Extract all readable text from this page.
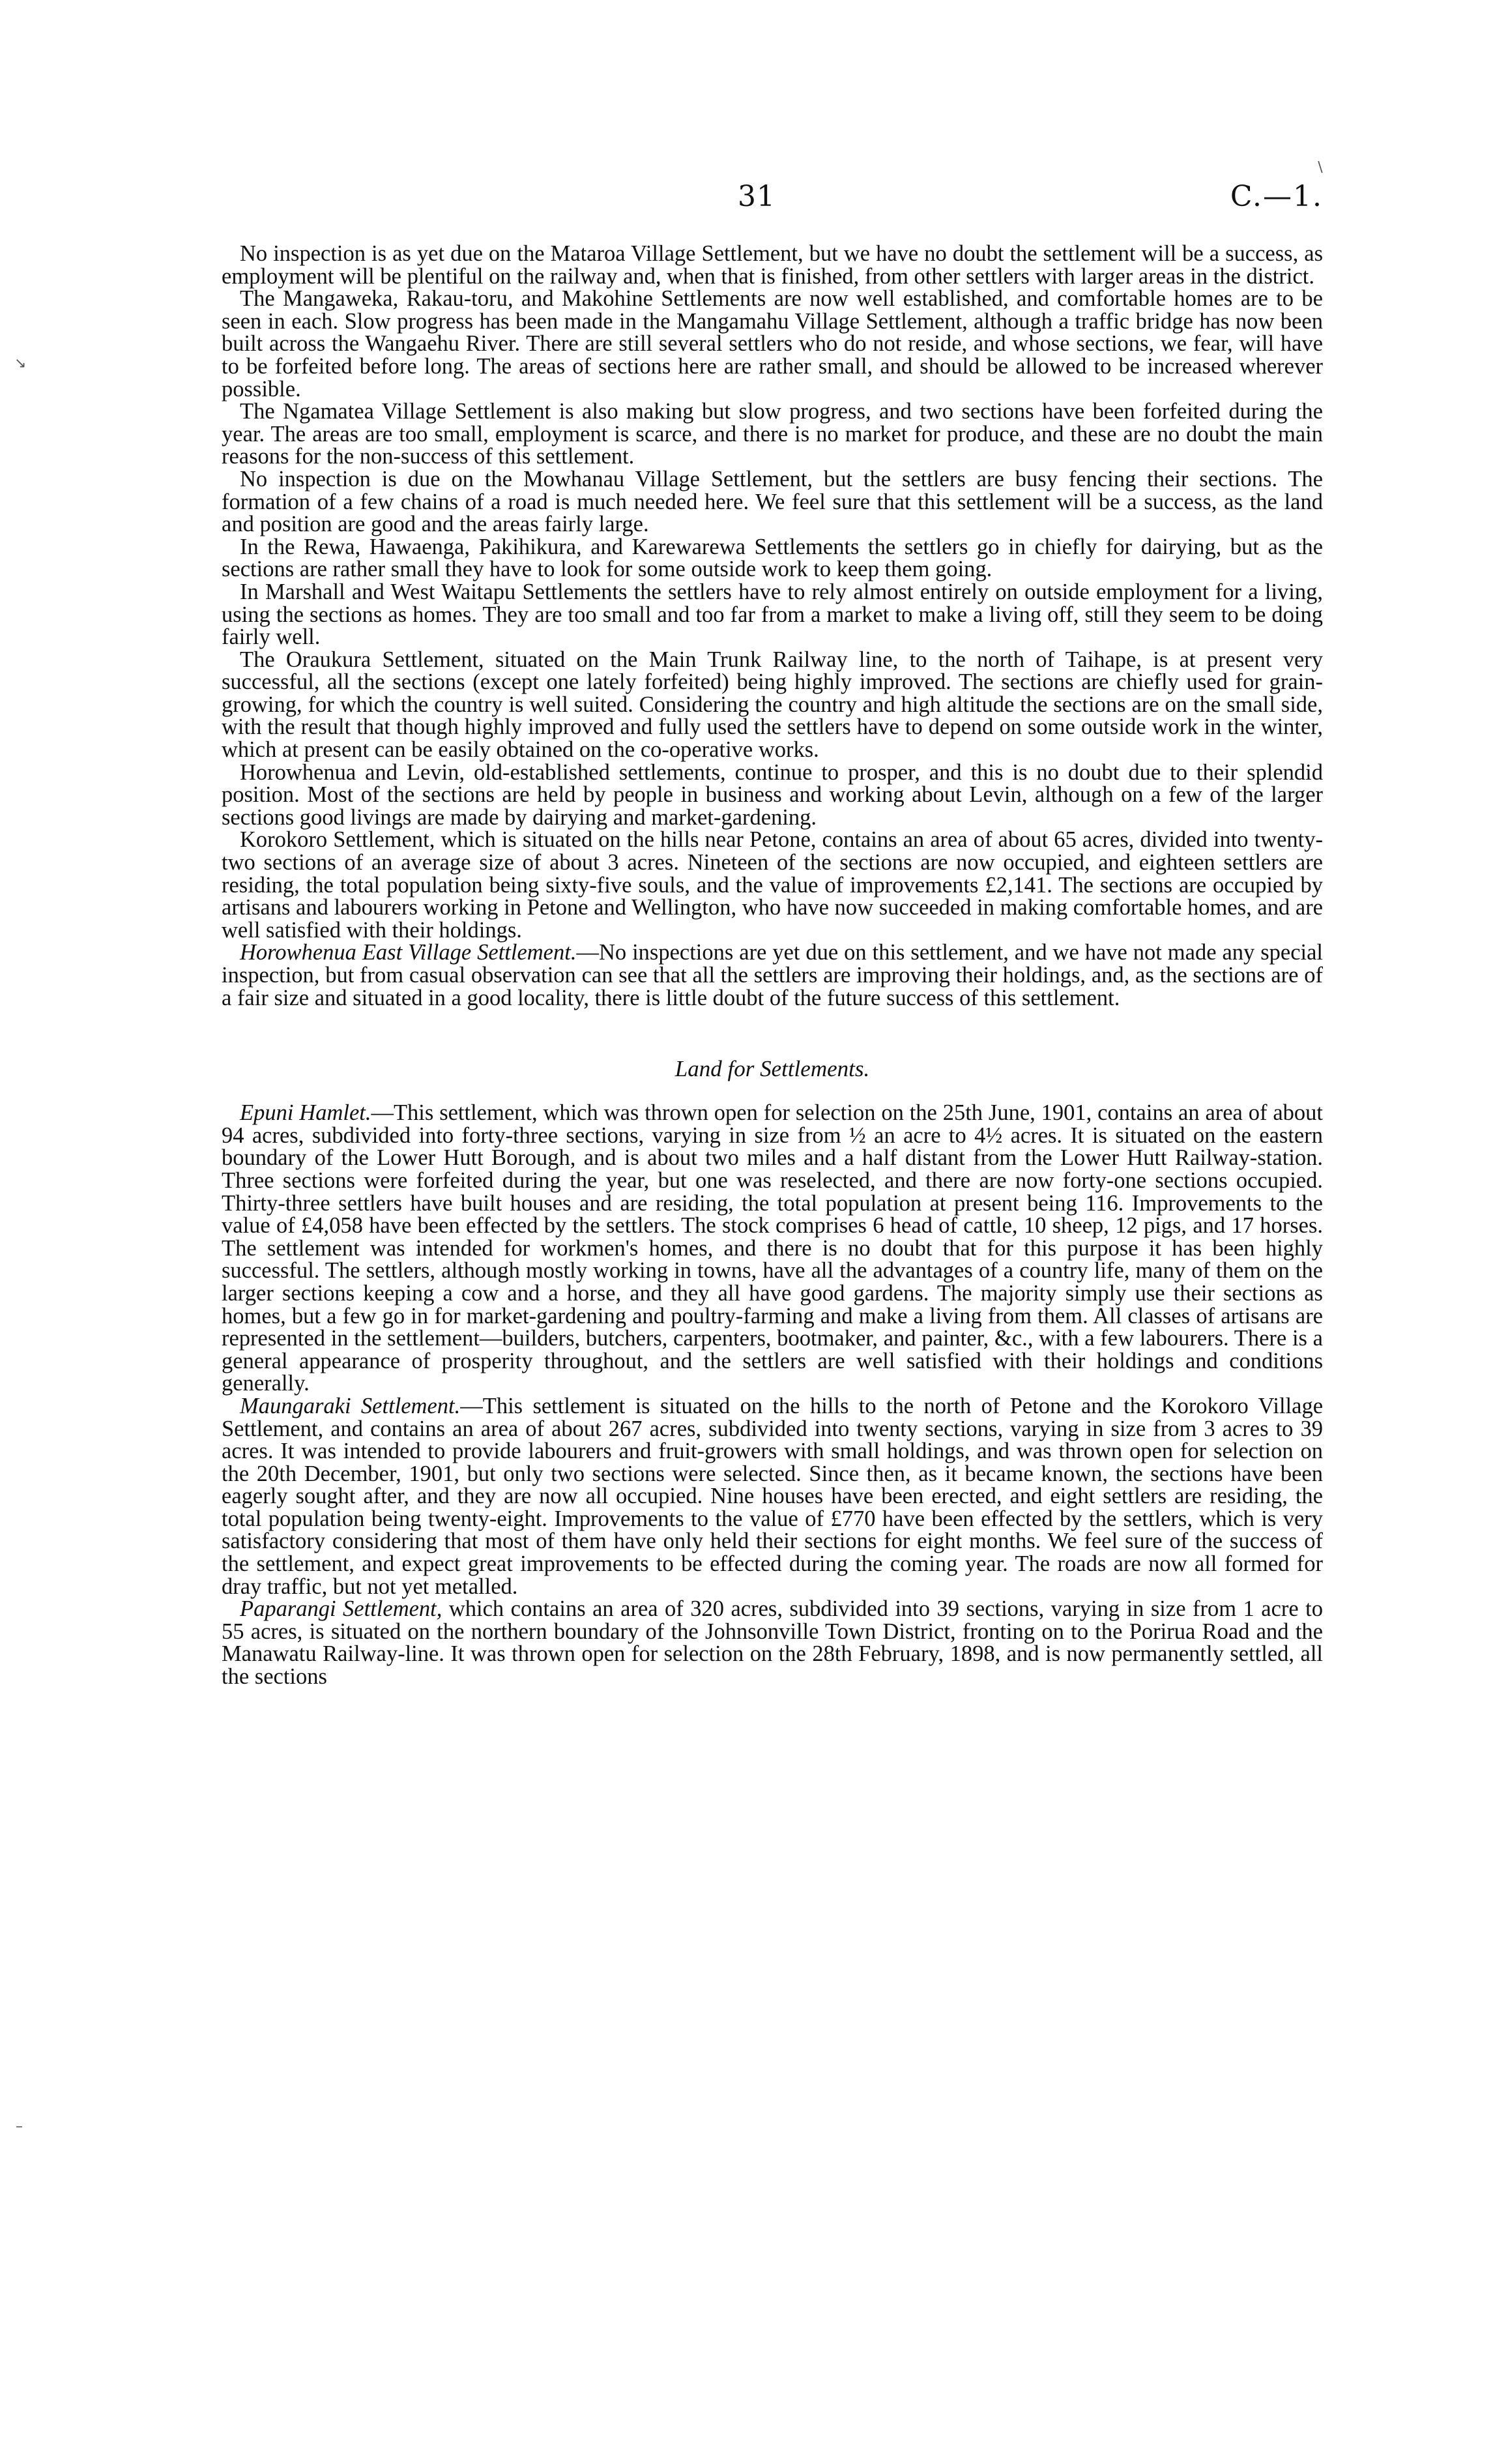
↘
–
∖
31	C.—1.

No inspection is as yet due on the Mataroa Village Settlement, but we have no doubt the settlement will be a success, as employment will be plentiful on the railway and, when that is finished, from other settlers with larger areas in the district.

The Mangaweka, Rakau-toru, and Makohine Settlements are now well established, and comfortable homes are to be seen in each. Slow progress has been made in the Mangamahu Village Settlement, although a traffic bridge has now been built across the Wangaehu River. There are still several settlers who do not reside, and whose sections, we fear, will have to be forfeited before long. The areas of sections here are rather small, and should be allowed to be increased wherever possible.

The Ngamatea Village Settlement is also making but slow progress, and two sections have been forfeited during the year. The areas are too small, employment is scarce, and there is no market for produce, and these are no doubt the main reasons for the non-success of this settlement.

No inspection is due on the Mowhanau Village Settlement, but the settlers are busy fencing their sections. The formation of a few chains of a road is much needed here. We feel sure that this settlement will be a success, as the land and position are good and the areas fairly large.

In the Rewa, Hawaenga, Pakihikura, and Karewarewa Settlements the settlers go in chiefly for dairying, but as the sections are rather small they have to look for some outside work to keep them going.

In Marshall and West Waitapu Settlements the settlers have to rely almost entirely on outside employment for a living, using the sections as homes. They are too small and too far from a market to make a living off, still they seem to be doing fairly well.

The Oraukura Settlement, situated on the Main Trunk Railway line, to the north of Taihape, is at present very successful, all the sections (except one lately forfeited) being highly improved. The sections are chiefly used for grain-growing, for which the country is well suited. Considering the country and high altitude the sections are on the small side, with the result that though highly improved and fully used the settlers have to depend on some outside work in the winter, which at present can be easily obtained on the co-operative works.

Horowhenua and Levin, old-established settlements, continue to prosper, and this is no doubt due to their splendid position. Most of the sections are held by people in business and working about Levin, although on a few of the larger sections good livings are made by dairying and market-gardening.

Korokoro Settlement, which is situated on the hills near Petone, contains an area of about 65 acres, divided into twenty-two sections of an average size of about 3 acres. Nineteen of the sections are now occupied, and eighteen settlers are residing, the total population being sixty-five souls, and the value of improvements £2,141. The sections are occupied by artisans and labourers working in Petone and Wellington, who have now succeeded in making comfortable homes, and are well satisfied with their holdings.

Horowhenua East Village Settlement.—No inspections are yet due on this settlement, and we have not made any special inspection, but from casual observation can see that all the settlers are improving their holdings, and, as the sections are of a fair size and situated in a good locality, there is little doubt of the future success of this settlement.

Land for Settlements.

Epuni Hamlet.—This settlement, which was thrown open for selection on the 25th June, 1901, contains an area of about 94 acres, subdivided into forty-three sections, varying in size from ½ an acre to 4½ acres. It is situated on the eastern boundary of the Lower Hutt Borough, and is about two miles and a half distant from the Lower Hutt Railway-station. Three sections were forfeited during the year, but one was reselected, and there are now forty-one sections occupied. Thirty-three settlers have built houses and are residing, the total population at present being 116. Improvements to the value of £4,058 have been effected by the settlers. The stock comprises 6 head of cattle, 10 sheep, 12 pigs, and 17 horses. The settlement was intended for workmen's homes, and there is no doubt that for this purpose it has been highly successful. The settlers, although mostly working in towns, have all the advantages of a country life, many of them on the larger sections keeping a cow and a horse, and they all have good gardens. The majority simply use their sections as homes, but a few go in for market-gardening and poultry-farming and make a living from them. All classes of artisans are represented in the settlement—builders, butchers, carpenters, bootmaker, and painter, &c., with a few labourers. There is a general appearance of prosperity throughout, and the settlers are well satisfied with their holdings and conditions generally.

Maungaraki Settlement.—This settlement is situated on the hills to the north of Petone and the Korokoro Village Settlement, and contains an area of about 267 acres, subdivided into twenty sections, varying in size from 3 acres to 39 acres. It was intended to provide labourers and fruit-growers with small holdings, and was thrown open for selection on the 20th December, 1901, but only two sections were selected. Since then, as it became known, the sections have been eagerly sought after, and they are now all occupied. Nine houses have been erected, and eight settlers are residing, the total population being twenty-eight. Improvements to the value of £770 have been effected by the settlers, which is very satisfactory considering that most of them have only held their sections for eight months. We feel sure of the success of the settlement, and expect great improvements to be effected during the coming year. The roads are now all formed for dray traffic, but not yet metalled.

Paparangi Settlement, which contains an area of 320 acres, subdivided into 39 sections, varying in size from 1 acre to 55 acres, is situated on the northern boundary of the Johnsonville Town District, fronting on to the Porirua Road and the Manawatu Railway-line. It was thrown open for selection on the 28th February, 1898, and is now permanently settled, all the sections
